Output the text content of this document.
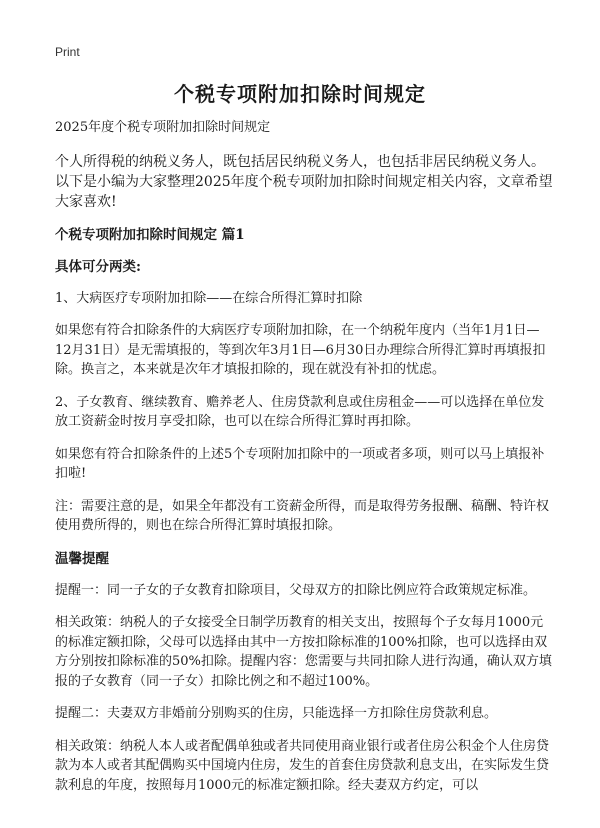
Print
个税专项附加扣除时间规定

2025年度个税专项附加扣除时间规定

个人所得税的纳税义务人，既包括居民纳税义务人，也包括非居民纳税义务人。以下是小编为大家整理2025年度个税专项附加扣除时间规定相关内容，文章希望大家喜欢!

个税专项附加扣除时间规定 篇1
具体可分两类:

1、大病医疗专项附加扣除——在综合所得汇算时扣除

如果您有符合扣除条件的大病医疗专项附加扣除，在一个纳税年度内（当年1月1日—12月31日）是无需填报的，等到次年3月1日—6月30日办理综合所得汇算时再填报扣除。换言之，本来就是次年才填报扣除的，现在就没有补扣的忧虑。

2、子女教育、继续教育、赡养老人、住房贷款利息或住房租金——可以选择在单位发放工资薪金时按月享受扣除，也可以在综合所得汇算时再扣除。

如果您有符合扣除条件的上述5个专项附加扣除中的一项或者多项，则可以马上填报补扣啦!

注：需要注意的是，如果全年都没有工资薪金所得，而是取得劳务报酬、稿酬、特许权使用费所得的，则也在综合所得汇算时填报扣除。

温馨提醒

提醒一：同一子女的子女教育扣除项目，父母双方的扣除比例应符合政策规定标准。

相关政策：纳税人的子女接受全日制学历教育的相关支出，按照每个子女每月1000元的标准定额扣除，父母可以选择由其中一方按扣除标准的100%扣除，也可以选择由双方分别按扣除标准的50%扣除。提醒内容：您需要与共同扣除人进行沟通，确认双方填报的子女教育（同一子女）扣除比例之和不超过100%。

提醒二：夫妻双方非婚前分别购买的住房，只能选择一方扣除住房贷款利息。

相关政策：纳税人本人或者配偶单独或者共同使用商业银行或者住房公积金个人住房贷款为本人或者其配偶购买中国境内住房，发生的首套住房贷款利息支出，在实际发生贷款利息的年度，按照每月1000元的标准定额扣除。经夫妻双方约定，可以
